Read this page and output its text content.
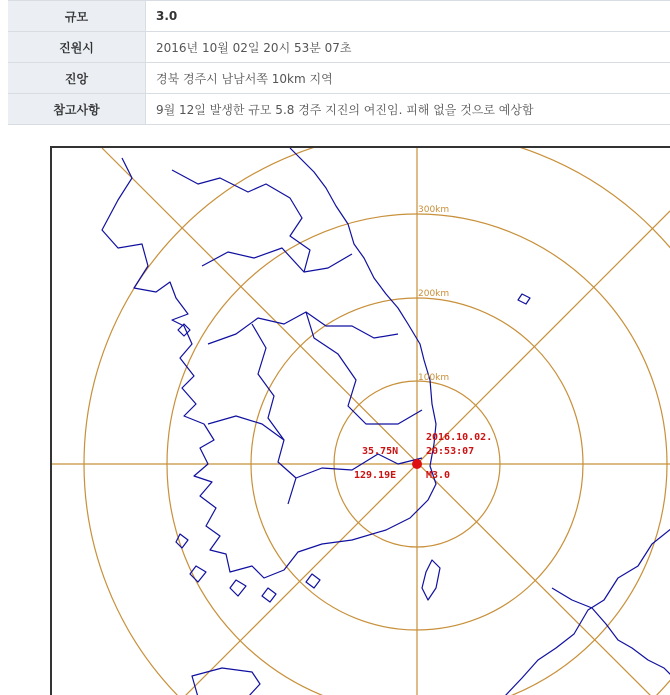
규모	3.0
진원시	2016년 10월 02일 20시 53분 07초
진앙	경북 경주시 남남서쪽 10km 지역
참고사항	9월 12일 발생한 규모 5.8 경주 지진의 여진임. 피해 없을 것으로 예상함
100km
200km
300km
35.75N
129.19E
2016.10.02.
20:53:07
M3.0
